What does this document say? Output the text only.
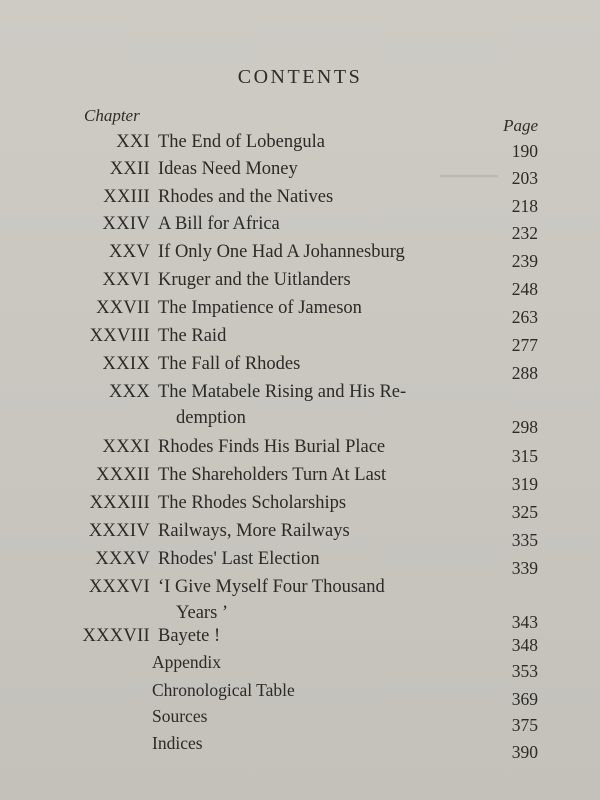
▔▔▔▔▔
CONTENTS
Chapter
Page
XXI The End of Lobengula	190
XXII Ideas Need Money	203
XXIII Rhodes and the Natives	218
XXIV A Bill for Africa	232
XXV If Only One Had A Johannesburg	239
XXVI Kruger and the Uitlanders	248
XXVII The Impatience of Jameson	263
XXVIII The Raid	277
XXIX The Fall of Rhodes	288
XXX The Matabele Rising and His Re-
demption	298
XXXI Rhodes Finds His Burial Place	315
XXXII The Shareholders Turn At Last	319
XXXIII The Rhodes Scholarships	325
XXXIV Railways, More Railways	335
XXXV Rhodes' Last Election	339
XXXVI ‘I Give Myself Four Thousand
Years ’	343
XXXVII Bayete !	348
Appendix	353
Chronological Table	369
Sources	375
Indices	390
